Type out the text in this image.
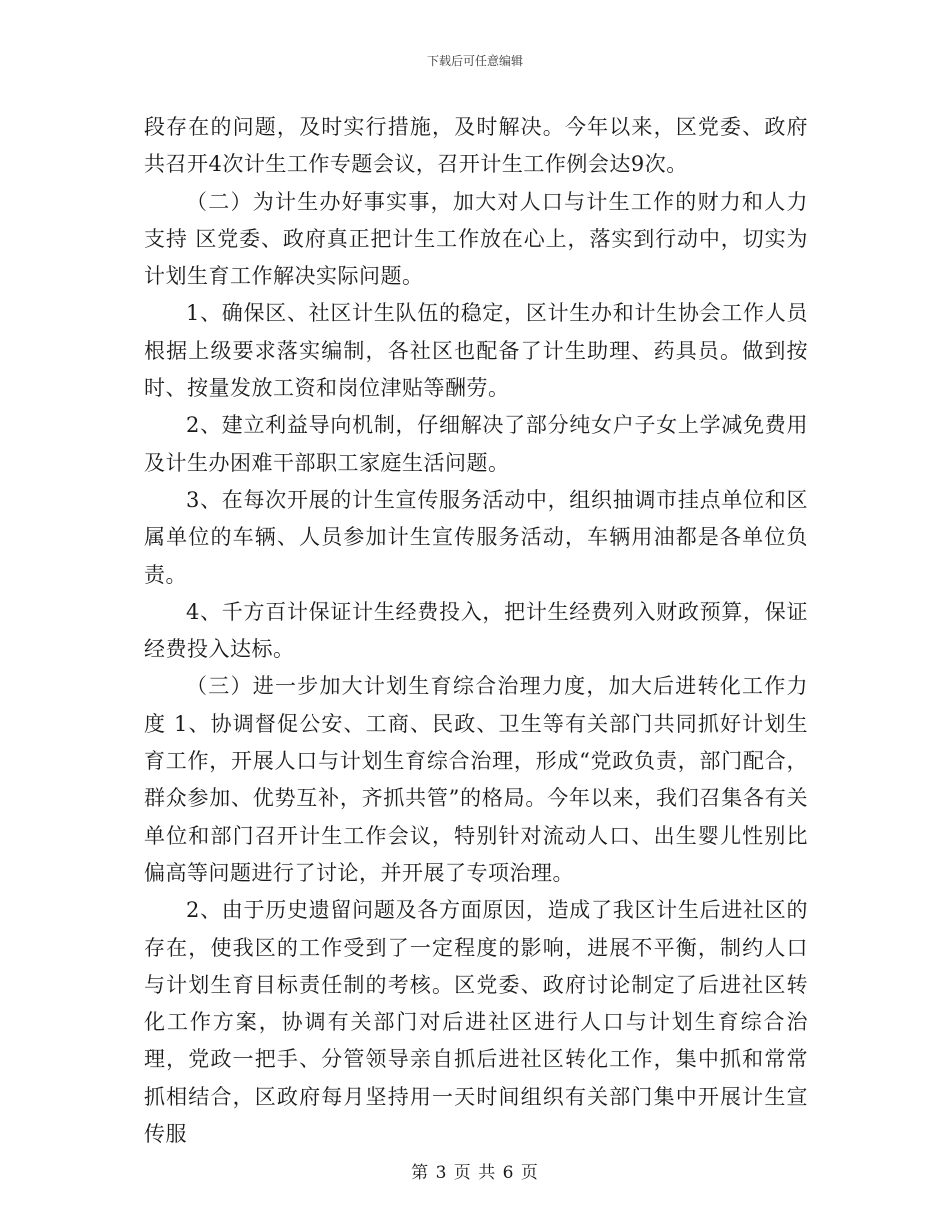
下载后可任意编辑

段存在的问题，及时实行措施，及时解决。今年以来，区党委、政府共召开4次计生工作专题会议，召开计生工作例会达9次。

（二）为计生办好事实事，加大对人口与计生工作的财力和人力支持 区党委、政府真正把计生工作放在心上，落实到行动中，切实为计划生育工作解决实际问题。

1、确保区、社区计生队伍的稳定，区计生办和计生协会工作人员根据上级要求落实编制，各社区也配备了计生助理、药具员。做到按时、按量发放工资和岗位津贴等酬劳。

2、建立利益导向机制，仔细解决了部分纯女户子女上学减免费用及计生办困难干部职工家庭生活问题。

3、在每次开展的计生宣传服务活动中，组织抽调市挂点单位和区属单位的车辆、人员参加计生宣传服务活动，车辆用油都是各单位负责。

4、千方百计保证计生经费投入，把计生经费列入财政预算，保证经费投入达标。

（三）进一步加大计划生育综合治理力度，加大后进转化工作力度 1、协调督促公安、工商、民政、卫生等有关部门共同抓好计划生育工作，开展人口与计划生育综合治理，形成“党政负责，部门配合，群众参加、优势互补，齐抓共管”的格局。今年以来，我们召集各有关单位和部门召开计生工作会议，特别针对流动人口、出生婴儿性别比偏高等问题进行了讨论，并开展了专项治理。

2、由于历史遗留问题及各方面原因，造成了我区计生后进社区的存在，使我区的工作受到了一定程度的影响，进展不平衡，制约人口与计划生育目标责任制的考核。区党委、政府讨论制定了后进社区转化工作方案，协调有关部门对后进社区进行人口与计划生育综合治理，党政一把手、分管领导亲自抓后进社区转化工作，集中抓和常常抓相结合，区政府每月坚持用一天时间组织有关部门集中开展计生宣传服

第 3 页 共 6 页
